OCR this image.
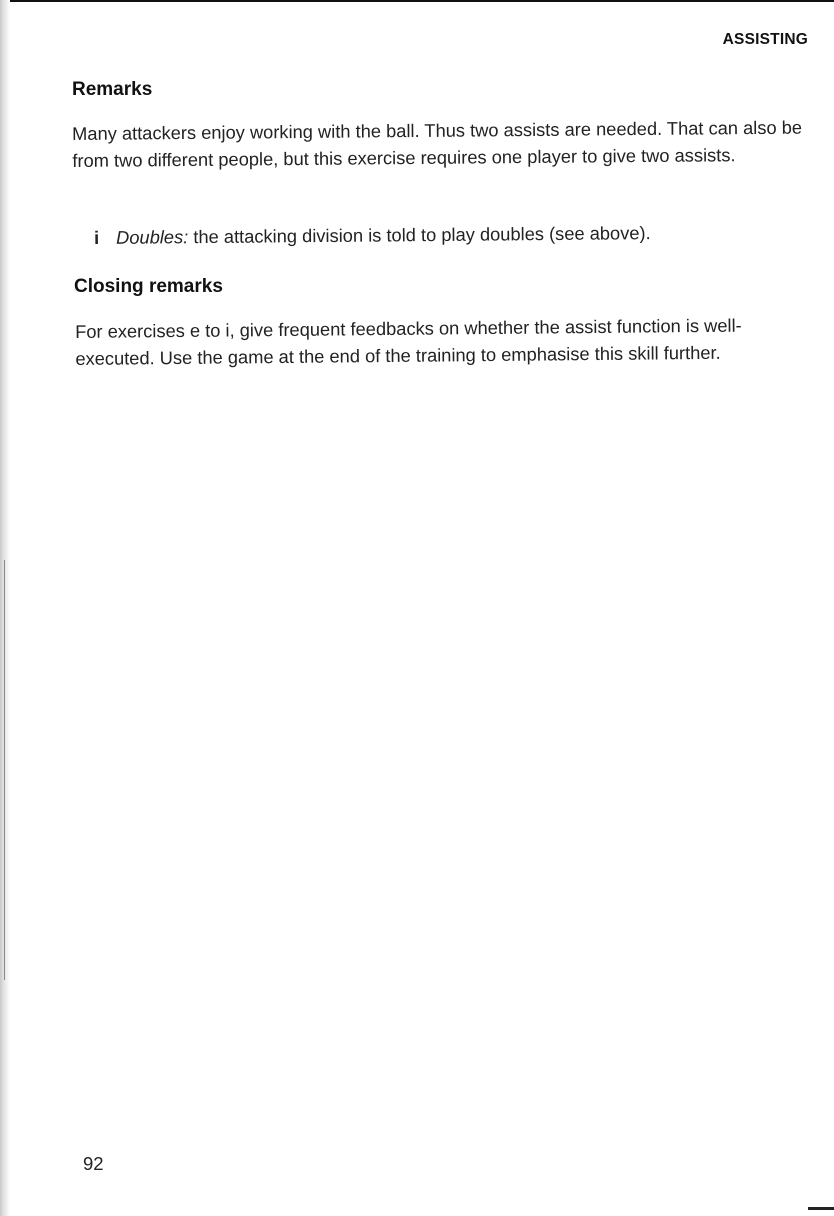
ASSISTING
Remarks

Many attackers enjoy working with the ball. Thus two assists are needed. That can also be from two different people, but this exercise requires one player to give two assists.

i Doubles: the attacking division is told to play doubles (see above).
Closing remarks

For exercises e to i, give frequent feedbacks on whether the assist function is well-executed. Use the game at the end of the training to emphasise this skill further.

92
